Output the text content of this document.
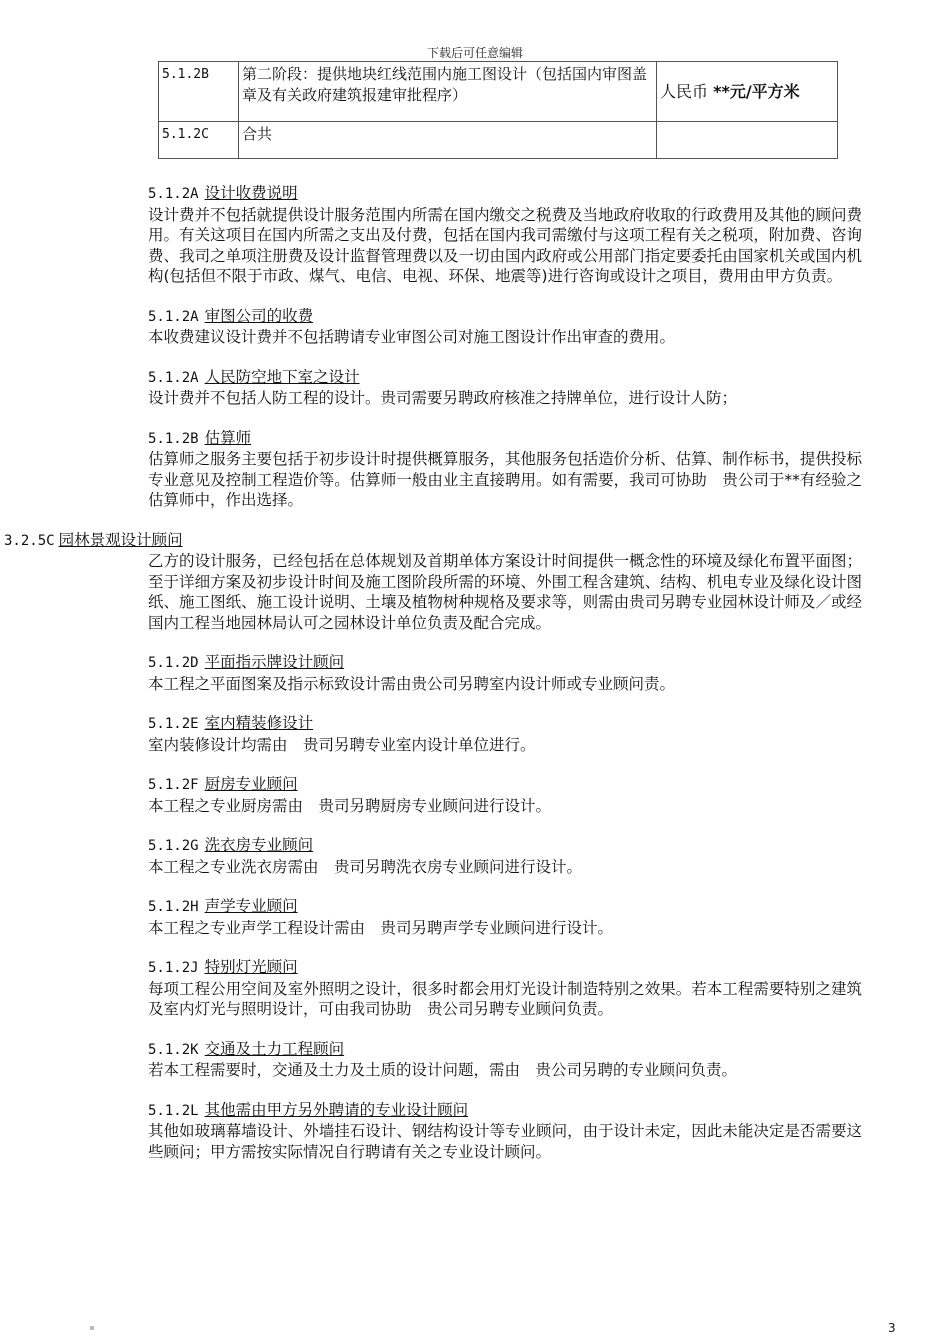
下载后可任意编辑
5.1.2B	第二阶段：提供地块红线范围内施工图设计（包括国内审图盖章及有关政府建筑报建审批程序）	人民币 **元/平方米
5.1.2C	合共	
5.1.2A 设计收费说明

设计费并不包括就提供设计服务范围内所需在国内缴交之税费及当地政府收取的行政费用及其他的顾问费用。有关这项目在国内所需之支出及付费，包括在国内我司需缴付与这项工程有关之税项，附加费、咨询费、我司之单项注册费及设计监督管理费以及一切由国内政府或公用部门指定要委托由国家机关或国内机构(包括但不限于市政、煤气、电信、电视、环保、地震等)进行咨询或设计之项目，费用由甲方负责。

5.1.2A 审图公司的收费

本收费建议设计费并不包括聘请专业审图公司对施工图设计作出审查的费用。

5.1.2A 人民防空地下室之设计

设计费并不包括人防工程的设计。贵司需要另聘政府核准之持牌单位，进行设计人防；

5.1.2B 估算师

估算师之服务主要包括于初步设计时提供概算服务，其他服务包括造价分析、估算、制作标书，提供投标专业意见及控制工程造价等。估算师一般由业主直接聘用。如有需要，我司可协助　贵公司于**有经验之估算师中，作出选择。

3.2.5C 园林景观设计顾问

乙方的设计服务，已经包括在总体规划及首期单体方案设计时间提供一概念性的环境及绿化布置平面图；至于详细方案及初步设计时间及施工图阶段所需的环境、外围工程含建筑、结构、机电专业及绿化设计图纸、施工图纸、施工设计说明、土壤及植物树种规格及要求等，则需由贵司另聘专业园林设计师及／或经国内工程当地园林局认可之园林设计单位负责及配合完成。

5.1.2D 平面指示牌设计顾问

本工程之平面图案及指示标致设计需由贵公司另聘室内设计师或专业顾问责。

5.1.2E 室内精装修设计

室内装修设计均需由　贵司另聘专业室内设计单位进行。

5.1.2F 厨房专业顾问

本工程之专业厨房需由　贵司另聘厨房专业顾问进行设计。

5.1.2G 洗衣房专业顾问

本工程之专业洗衣房需由　贵司另聘洗衣房专业顾问进行设计。

5.1.2H 声学专业顾问

本工程之专业声学工程设计需由　贵司另聘声学专业顾问进行设计。

5.1.2J 特别灯光顾问

每项工程公用空间及室外照明之设计，很多时都会用灯光设计制造特别之效果。若本工程需要特别之建筑及室内灯光与照明设计，可由我司协助　贵公司另聘专业顾问负责。

5.1.2K 交通及土力工程顾问

若本工程需要时，交通及土力及土质的设计问题，需由　贵公司另聘的专业顾问负责。

5.1.2L 其他需由甲方另外聘请的专业设计顾问

其他如玻璃幕墙设计、外墙挂石设计、钢结构设计等专业顾问，由于设计未定，因此未能决定是否需要这些顾问；甲方需按实际情况自行聘请有关之专业设计顾问。

3
